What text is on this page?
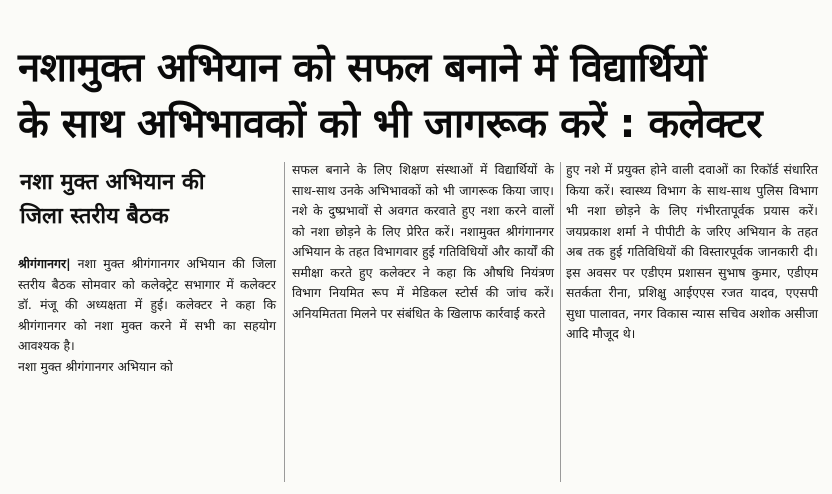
नशामुक्त अभियान को सफल बनाने में विद्यार्थियों
के साथ अभिभावकों को भी जागरूक करें : कलेक्टर
नशा मुक्त अभियान की
जिला स्तरीय बैठक

श्रीगंगानगर| नशा मुक्त श्रीगंगानगर अभियान की जिला स्तरीय बैठक सोमवार को कलेक्ट्रेट सभागार में कलेक्टर डॉ. मंजू की अध्यक्षता में हुई। कलेक्टर ने कहा कि श्रीगंगानगर को नशा मुक्त करने में सभी का सहयोग आवश्यक है।

नशा मुक्त श्रीगंगानगर अभियान को

सफल बनाने के लिए शिक्षण संस्थाओं में विद्यार्थियों के साथ-साथ उनके अभिभावकों को भी जागरूक किया जाए। नशे के दुष्प्रभावों से अवगत करवाते हुए नशा करने वालों को नशा छोड़ने के लिए प्रेरित करें। नशामुक्त श्रीगंगानगर अभियान के तहत विभागवार हुई गतिविधियों और कार्यों की समीक्षा करते हुए कलेक्टर ने कहा कि औषधि नियंत्रण विभाग नियमित रूप में मेडिकल स्टोर्स की जांच करें। अनियमितता मिलने पर संबंधित के खिलाफ कार्रवाई करते

हुए नशे में प्रयुक्त होने वाली दवाओं का रिकॉर्ड संधारित किया करें। स्वास्थ्य विभाग के साथ-साथ पुलिस विभाग भी नशा छोड़ने के लिए गंभीरतापूर्वक प्रयास करें। जयप्रकाश शर्मा ने पीपीटी के जरिए अभियान के तहत अब तक हुई गतिविधियों की विस्तारपूर्वक जानकारी दी। इस अवसर पर एडीएम प्रशासन सुभाष कुमार, एडीएम सतर्कता रीना, प्रशिक्षु आईएएस रजत यादव, एएसपी सुधा पालावत, नगर विकास न्यास सचिव अशोक असीजा आदि मौजूद थे।
